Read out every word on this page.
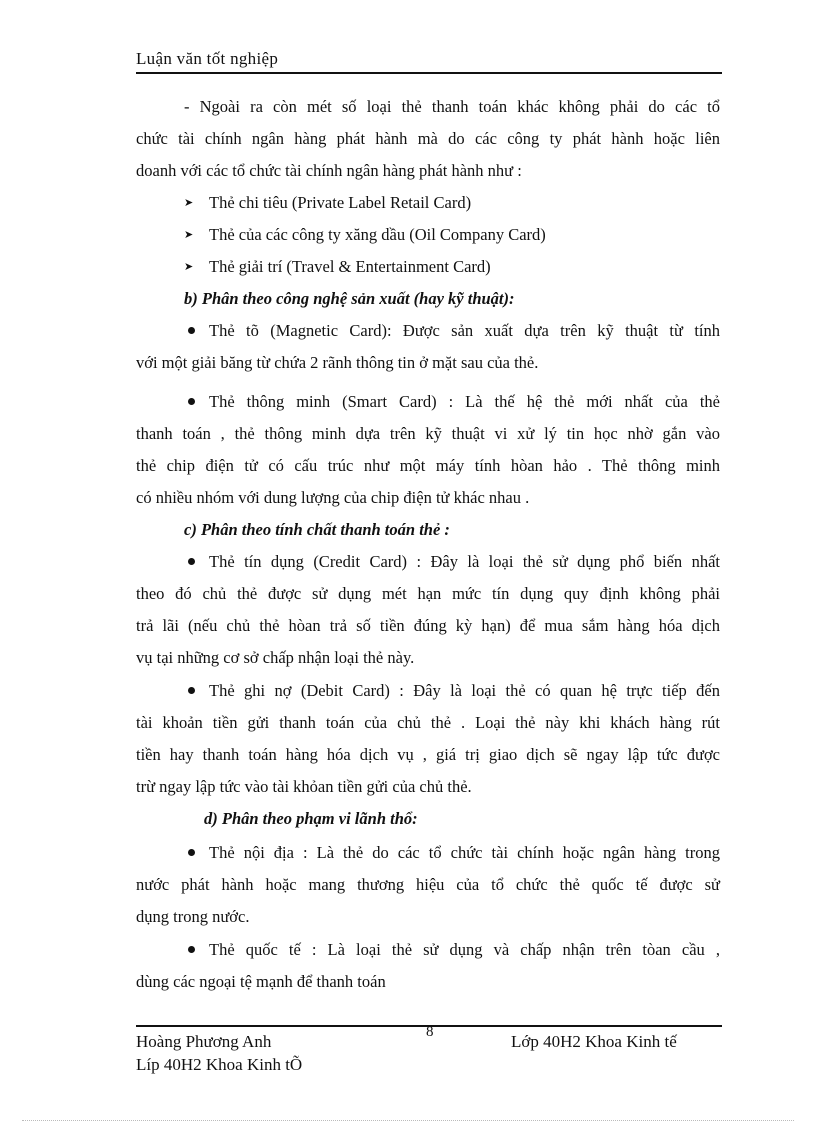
Luận văn tốt nghiệp
- Ngoài ra còn mét số loại thẻ thanh toán khác không phải do các tổ
chức tài chính ngân hàng phát hành mà do các công ty phát hành hoặc liên
doanh với các tổ chức tài chính ngân hàng phát hành như :
➤ Thẻ chi tiêu (Private Label Retail Card)
➤ Thẻ của các công ty xăng dầu (Oil Company Card)
➤ Thẻ giải trí (Travel & Entertainment Card)
b) Phân theo công nghệ sản xuất (hay kỹ thuật):
Thẻ tõ (Magnetic Card): Được sản xuất dựa trên kỹ thuật từ tính
với một giải băng từ chứa 2 rãnh thông tin ở mặt sau của thẻ.
Thẻ thông minh (Smart Card) : Là thế hệ thẻ mới nhất của thẻ
thanh toán , thẻ thông minh dựa trên kỹ thuật vi xử lý tin học nhờ gắn vào
thẻ chip điện tử có cấu trúc như một máy tính hòan hảo . Thẻ thông minh
có nhiều nhóm với dung lượng của chip điện tử khác nhau .
c) Phân theo tính chất thanh toán thẻ :
Thẻ tín dụng (Credit Card) : Đây là loại thẻ sử dụng phổ biến nhất
theo đó chủ thẻ được sử dụng mét hạn mức tín dụng quy định không phải
trả lãi (nếu chủ thẻ hòan trả số tiền đúng kỳ hạn) để mua sắm hàng hóa dịch
vụ tại những cơ sở chấp nhận loại thẻ này.
Thẻ ghi nợ (Debit Card) : Đây là loại thẻ có quan hệ trực tiếp đến
tài khoản tiền gửi thanh toán của chủ thẻ . Loại thẻ này khi khách hàng rút
tiền hay thanh toán hàng hóa dịch vụ , giá trị giao dịch sẽ ngay lập tức được
trừ ngay lập tức vào tài khỏan tiền gửi của chủ thẻ.
d) Phân theo phạm vi lãnh thổ:
Thẻ nội địa : Là thẻ do các tổ chức tài chính hoặc ngân hàng trong
nước phát hành hoặc mang thương hiệu của tổ chức thẻ quốc tế được sử
dụng trong nước.
Thẻ quốc tế : Là loại thẻ sử dụng và chấp nhận trên tòan cầu ,
dùng các ngoại tệ mạnh để thanh toán
Hoàng Phương Anh	8	Lớp 40H2 Khoa Kinh tế
Líp 40H2 Khoa Kinh tÕ
